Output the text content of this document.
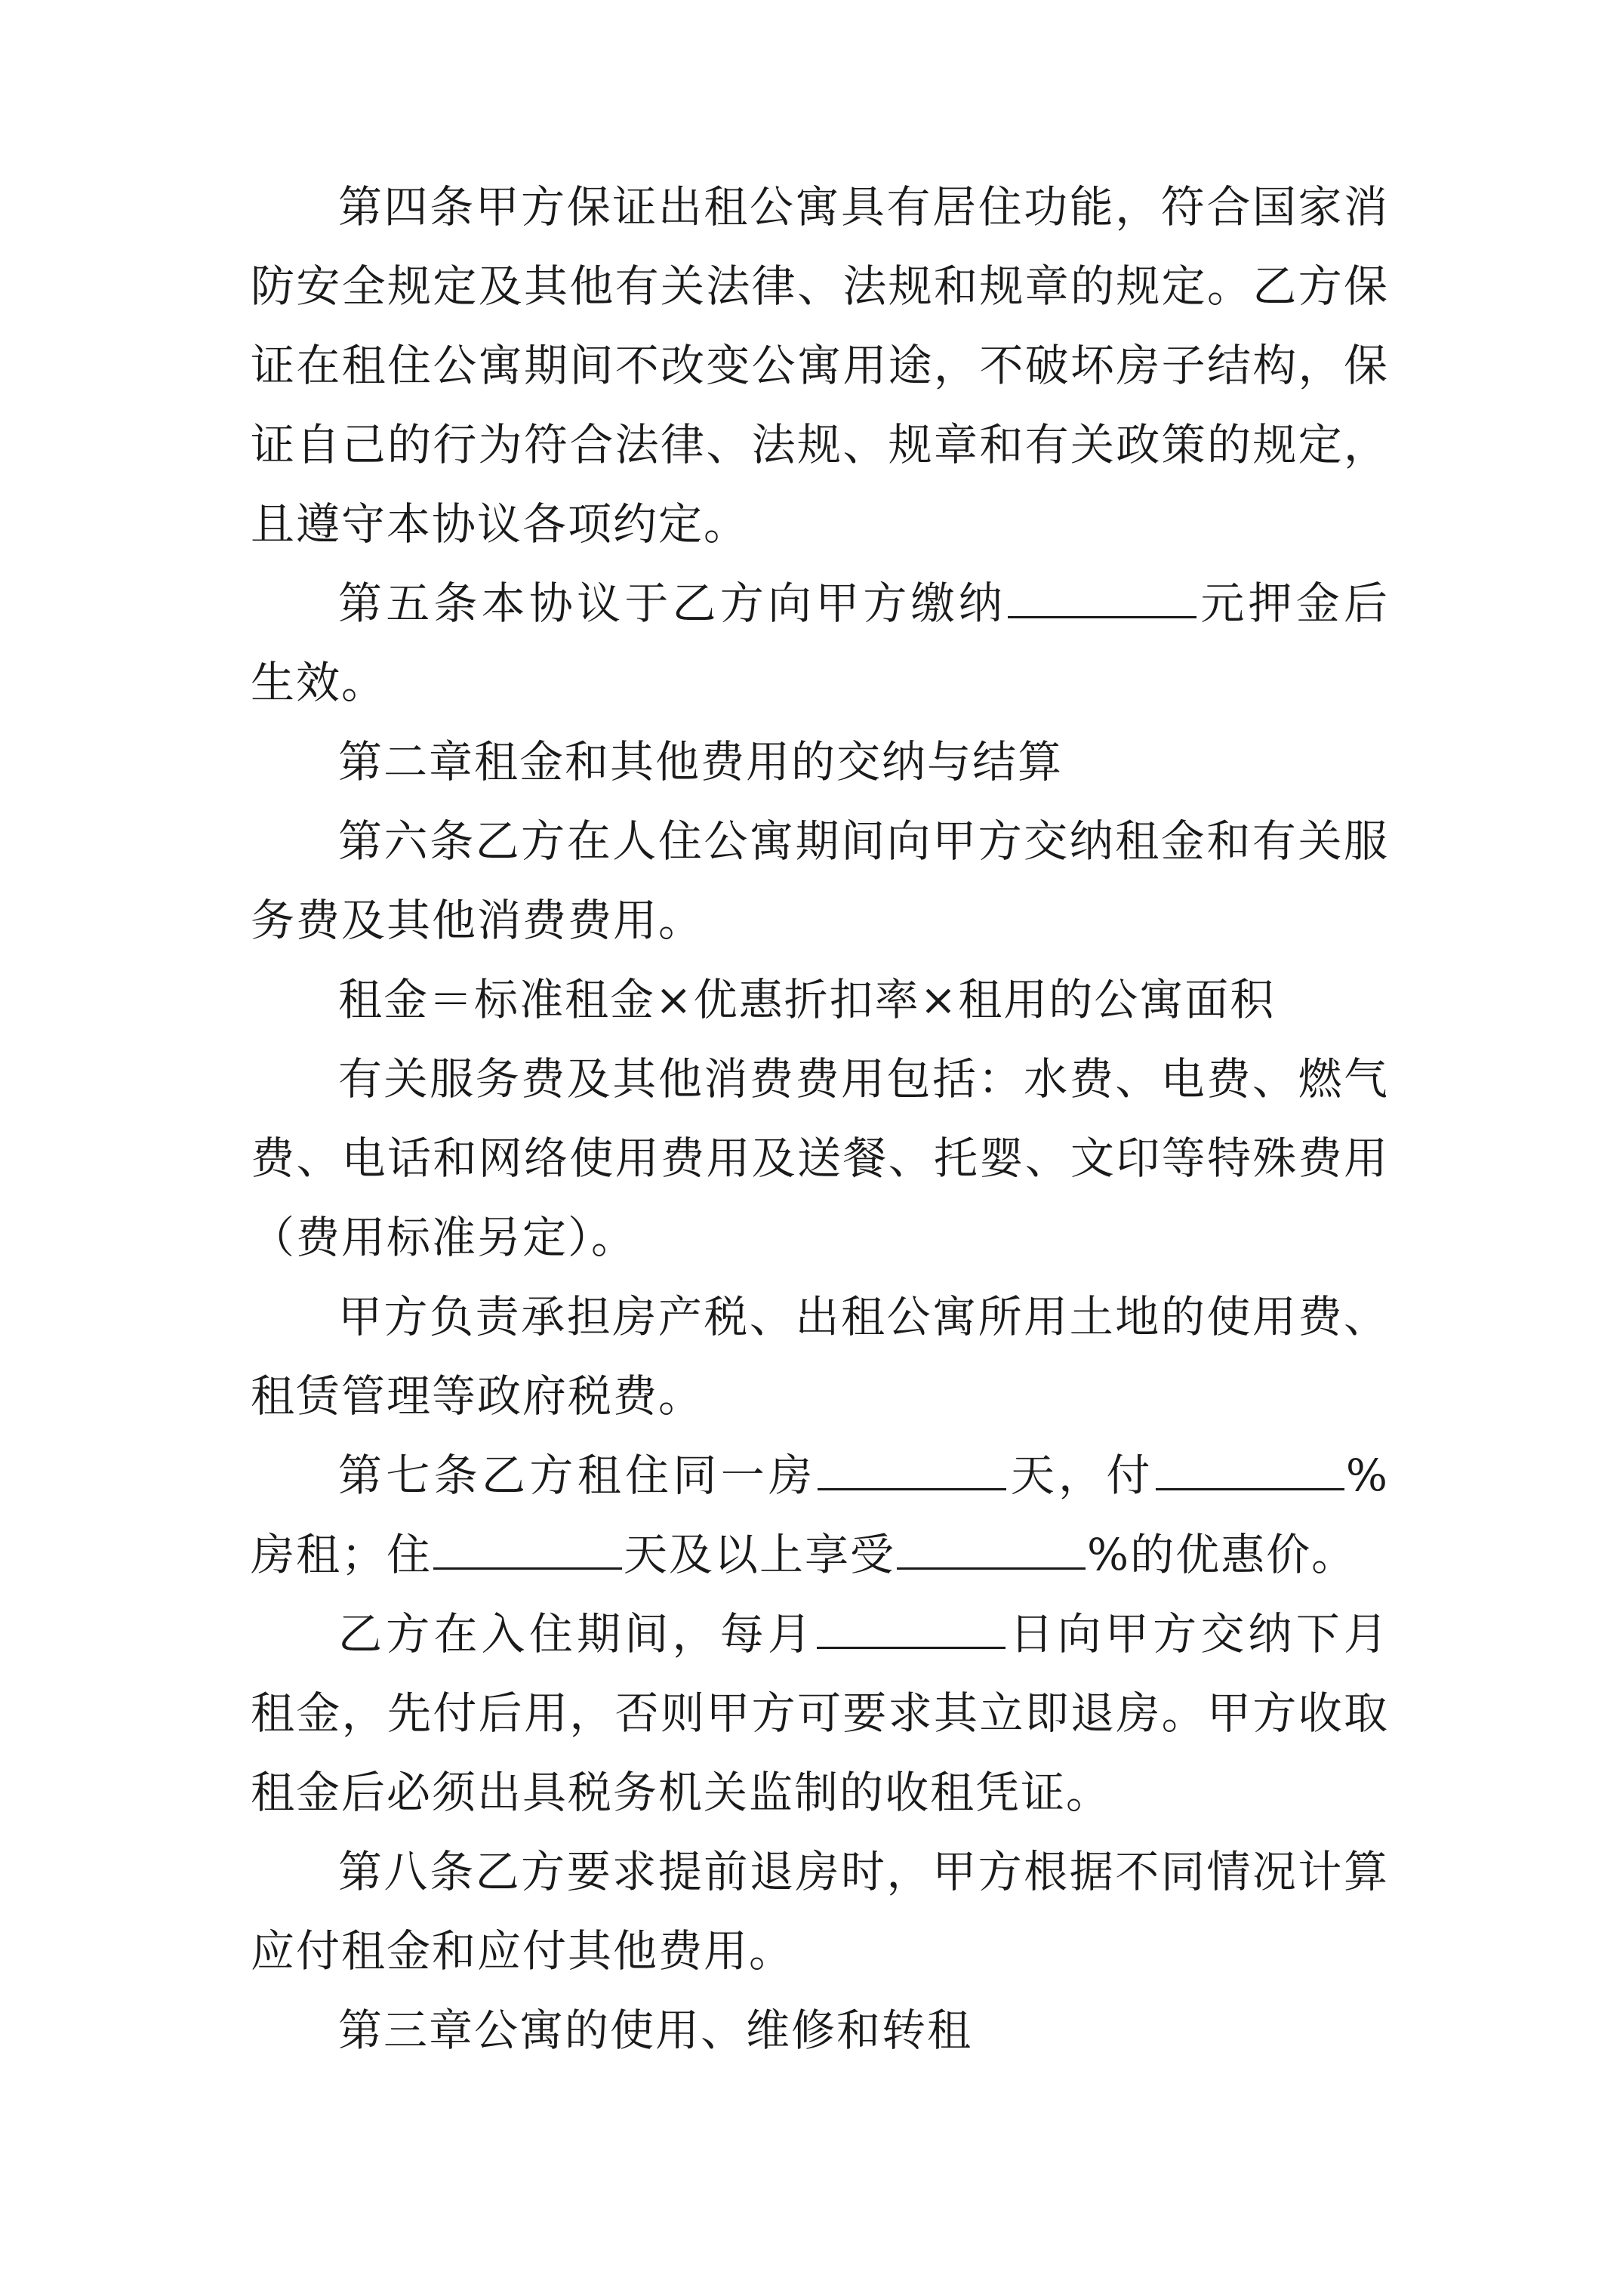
第四条甲方保证出租公寓具有居住功能，符合国家消防安全规定及其他有关法律、法规和规章的规定。乙方保证在租住公寓期间不改变公寓用途，不破坏房子结构，保证自己的行为符合法律、法规、规章和有关政策的规定，且遵守本协议各项约定。

第五条本协议于乙方向甲方缴纳	元押金后生效。

第二章租金和其他费用的交纳与结算

第六条乙方在人住公寓期间向甲方交纳租金和有关服务费及其他消费费用。

租金＝标准租金×优惠折扣率×租用的公寓面积

有关服务费及其他消费费用包括：水费、电费、燃气费、电话和网络使用费用及送餐、托婴、文印等特殊费用（费用标准另定）。

甲方负责承担房产税、出租公寓所用土地的使用费、租赁管理等政府税费。

第七条乙方租住同一房	天，付	%房租；住	天及以上享受	%的优惠价。

乙方在入住期间，每月	日向甲方交纳下月租金，先付后用，否则甲方可要求其立即退房。甲方收取租金后必须出具税务机关监制的收租凭证。

第八条乙方要求提前退房时，甲方根据不同情况计算应付租金和应付其他费用。

第三章公寓的使用、维修和转租
